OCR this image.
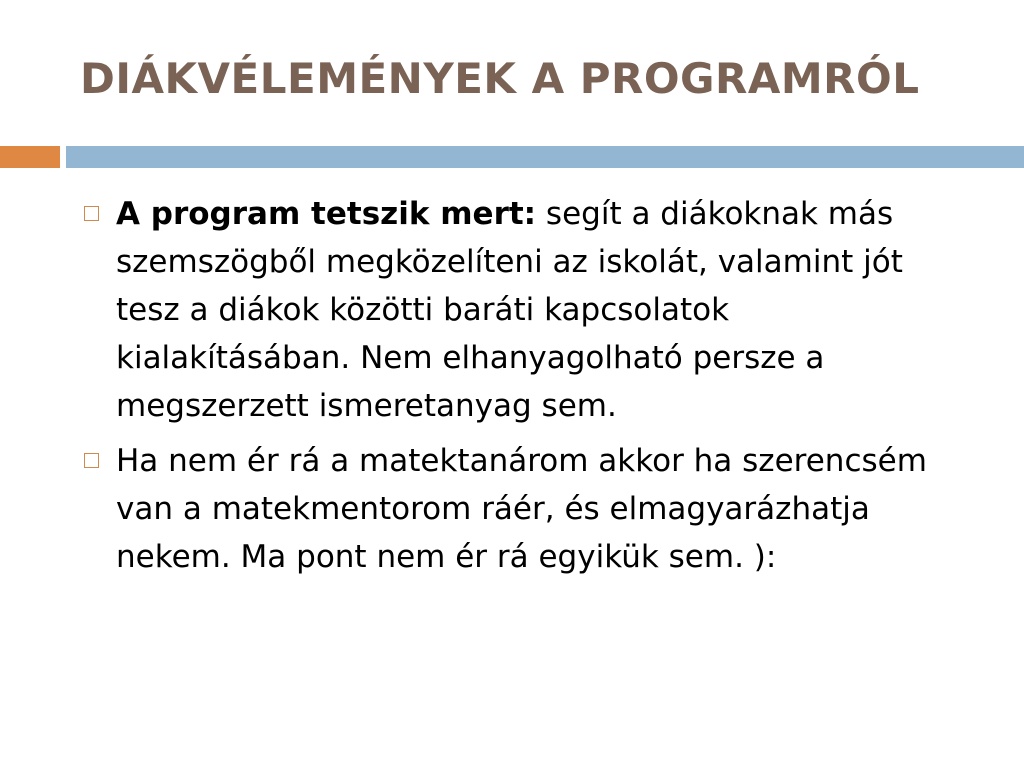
DIÁKVÉLEMÉNYEK A PROGRAMRÓL
A program tetszik mert: segít a diákoknak más szemszögből megközelíteni az iskolát, valamint jót tesz a diákok közötti baráti kapcsolatok kialakításában. Nem elhanyagolható persze a megszerzett ismeretanyag sem.
Ha nem ér rá a matektanárom akkor ha szerencsém van a matekmentorom ráér, és elmagyarázhatja nekem. Ma pont nem ér rá egyikük sem. ):
